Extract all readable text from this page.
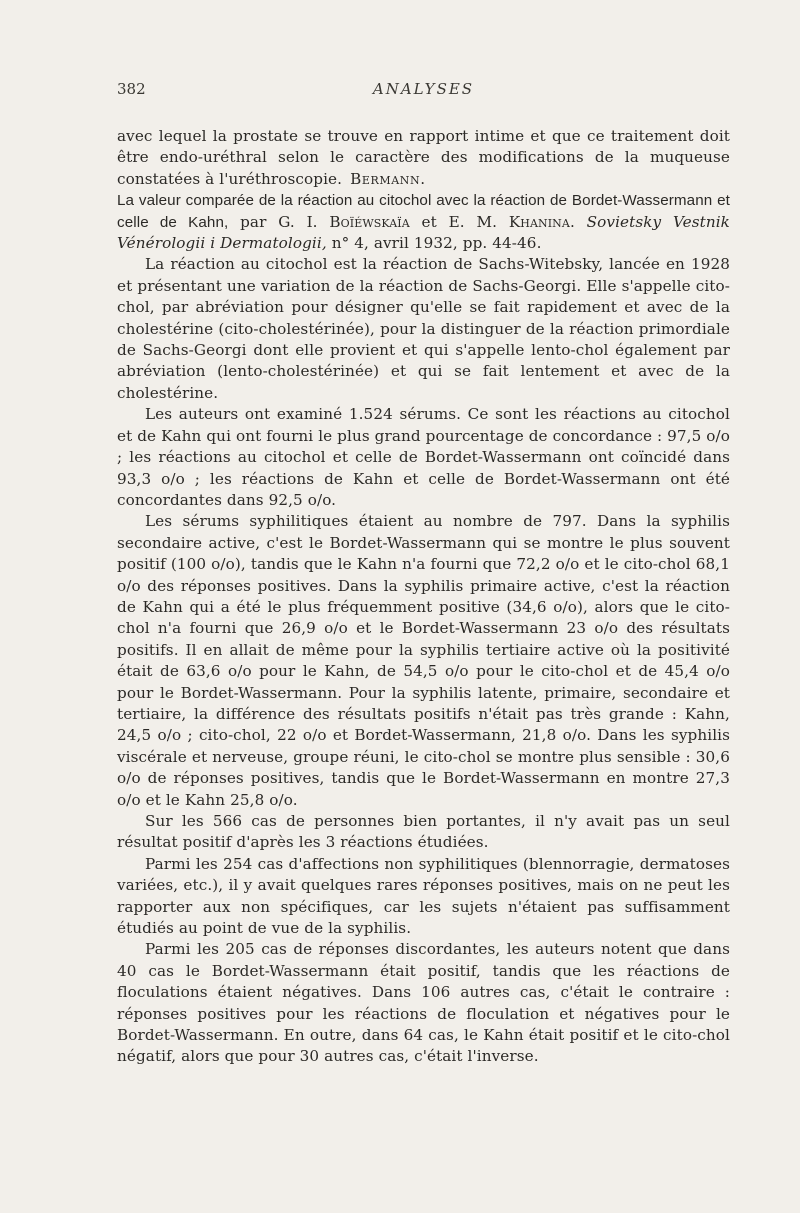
382	ANALYSES

avec lequel la prostate se trouve en rapport intime et que ce traitement doit être endo-uréthral selon le caractère des modifications de la muqueuse constatées à l'uréthroscopie. Bermann.

La valeur comparée de la réaction au citochol avec la réaction de Bordet-Wassermann et celle de Kahn, par G. I. Boïéwskaïa et E. M. Khanina. Sovietsky Vestnik Vénérologii i Dermatologii, n° 4, avril 1932, pp. 44-46.

La réaction au citochol est la réaction de Sachs-Witebsky, lancée en 1928 et présentant une variation de la réaction de Sachs-Georgi. Elle s'appelle cito-chol, par abréviation pour désigner qu'elle se fait rapidement et avec de la cholestérine (cito-cholestérinée), pour la distinguer de la réaction primordiale de Sachs-Georgi dont elle provient et qui s'appelle lento-chol également par abréviation (lento-cholestérinée) et qui se fait lentement et avec de la cholestérine.

Les auteurs ont examiné 1.524 sérums. Ce sont les réactions au citochol et de Kahn qui ont fourni le plus grand pourcentage de concordance : 97,5 o/o ; les réactions au citochol et celle de Bordet-Wassermann ont coïncidé dans 93,3 o/o ; les réactions de Kahn et celle de Bordet-Wassermann ont été concordantes dans 92,5 o/o.

Les sérums syphilitiques étaient au nombre de 797. Dans la syphilis secondaire active, c'est le Bordet-Wassermann qui se montre le plus souvent positif (100 o/o), tandis que le Kahn n'a fourni que 72,2 o/o et le cito-chol 68,1 o/o des réponses positives. Dans la syphilis primaire active, c'est la réaction de Kahn qui a été le plus fréquemment positive (34,6 o/o), alors que le cito-chol n'a fourni que 26,9 o/o et le Bordet-Wassermann 23 o/o des résultats positifs. Il en allait de même pour la syphilis tertiaire active où la positivité était de 63,6 o/o pour le Kahn, de 54,5 o/o pour le cito-chol et de 45,4 o/o pour le Bordet-Wassermann. Pour la syphilis latente, primaire, secondaire et tertiaire, la différence des résultats positifs n'était pas très grande : Kahn, 24,5 o/o ; cito-chol, 22 o/o et Bordet-Wassermann, 21,8 o/o. Dans les syphilis viscérale et nerveuse, groupe réuni, le cito-chol se montre plus sensible : 30,6 o/o de réponses positives, tandis que le Bordet-Wassermann en montre 27,3 o/o et le Kahn 25,8 o/o.

Sur les 566 cas de personnes bien portantes, il n'y avait pas un seul résultat positif d'après les 3 réactions étudiées.

Parmi les 254 cas d'affections non syphilitiques (blennorragie, dermatoses variées, etc.), il y avait quelques rares réponses positives, mais on ne peut les rapporter aux non spécifiques, car les sujets n'étaient pas suffisamment étudiés au point de vue de la syphilis.

Parmi les 205 cas de réponses discordantes, les auteurs notent que dans 40 cas le Bordet-Wassermann était positif, tandis que les réactions de floculations étaient négatives. Dans 106 autres cas, c'était le contraire : réponses positives pour les réactions de floculation et négatives pour le Bordet-Wassermann. En outre, dans 64 cas, le Kahn était positif et le cito-chol négatif, alors que pour 30 autres cas, c'était l'inverse.
